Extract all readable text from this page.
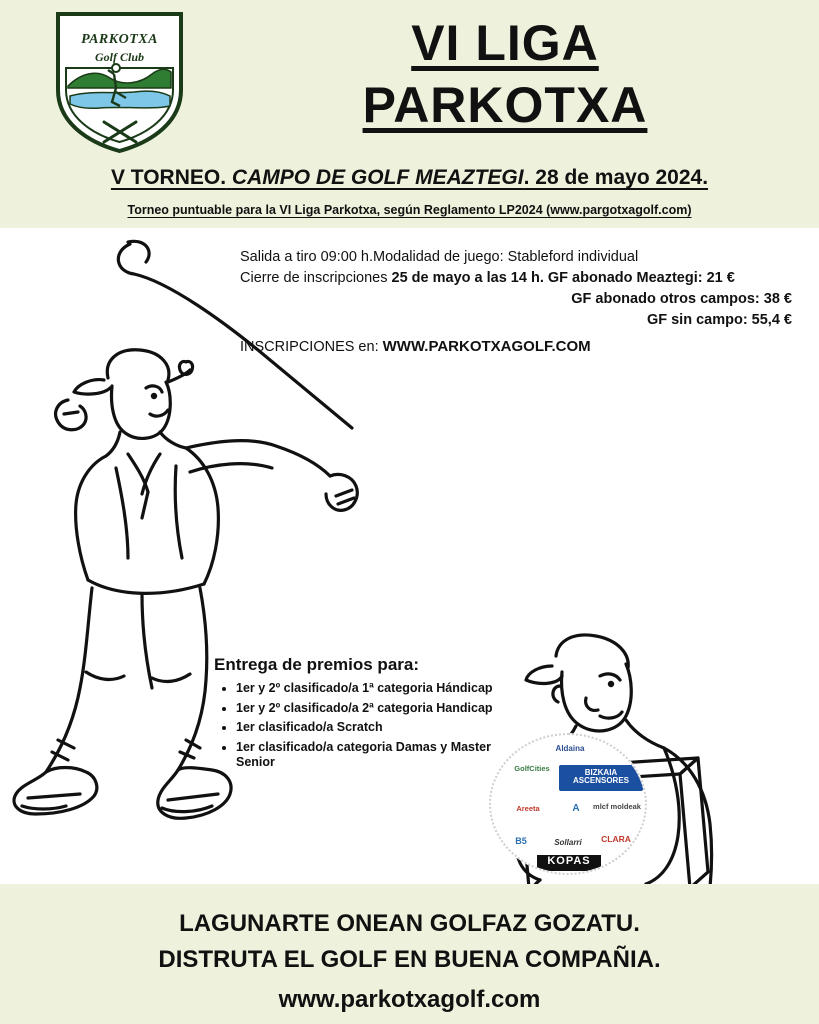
PARKOTXA
Golf Club	VI LIGA
PARKOTXA
V TORNEO. CAMPO DE GOLF MEAZTEGI. 28 de mayo 2024.
Torneo puntuable para la VI Liga Parkotxa, según Reglamento LP2024 (www.pargotxagolf.com)
Salida a tiro 09:00 h.Modalidad de juego: Stableford individual
Cierre de inscripciones 25 de mayo a las 14 h. GF abonado Meaztegi: 21 €
GF abonado otros campos: 38 €
GF sin campo: 55,4 €
INSCRIPCIONES en: WWW.PARKOTXAGOLF.COM
Entrega de premios para:
• 1er y 2º clasificado/a 1ª categoria Hándicap
• 1er y 2º clasificado/a 2ª categoria Handicap
• 1er clasificado/a Scratch
• 1er clasificado/a categoria Damas y Master Senior
Aldaina
GolfCities	BIZKAIA ASCENSORES
Areeta	A	mlcf moldeak
B5	Sollarri	CLARA
KOPAS
LAGUNARTE ONEAN GOLFAZ GOZATU.
DISTRUTA EL GOLF EN BUENA COMPAÑIA.
www.parkotxagolf.com
